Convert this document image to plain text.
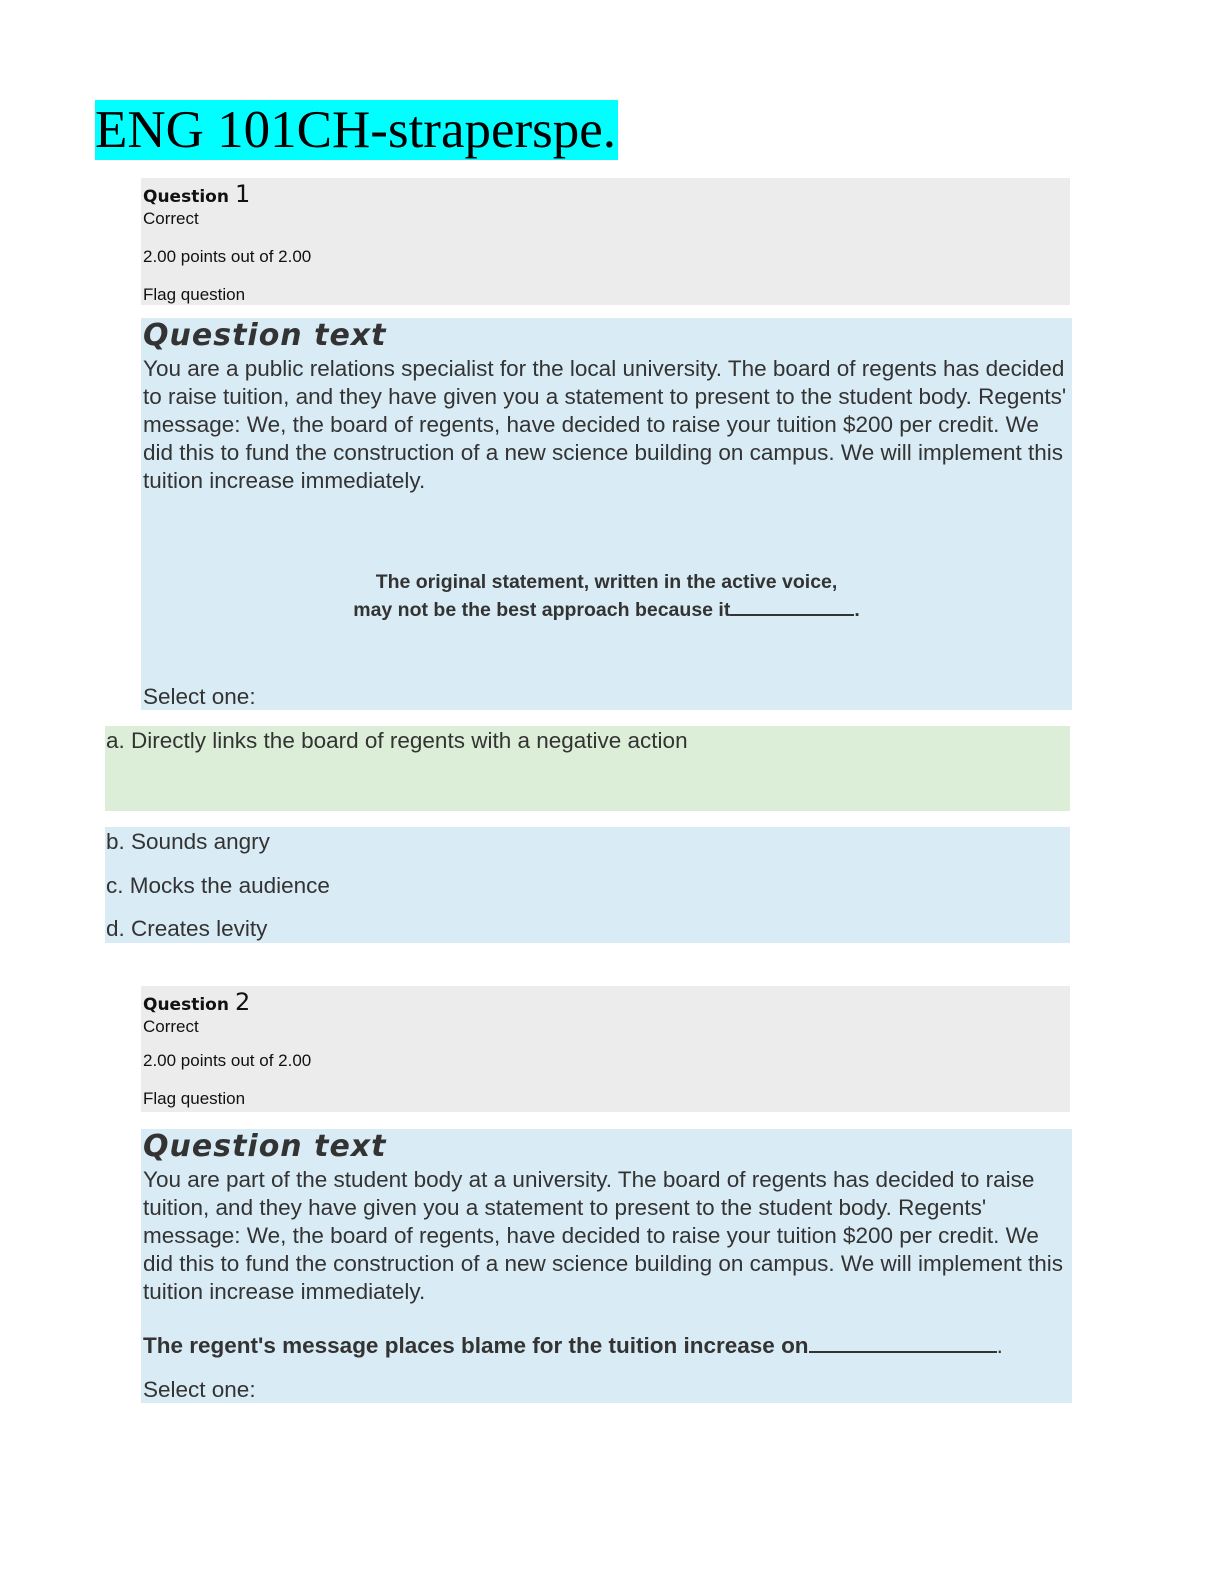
ENG 101CH-straperspe.
Question 1
Correct
2.00 points out of 2.00
Flag question
Question text
You are a public relations specialist for the local university. The board of regents has decided to raise tuition, and they have given you a statement to present to the student body. Regents' message: We, the board of regents, have decided to raise your tuition $200 per credit. We did this to fund the construction of a new science building on campus. We will implement this tuition increase immediately.
The original statement, written in the active voice,
may not be the best approach because it	.
Select one:
a. Directly links the board of regents with a negative action
b. Sounds angry
c. Mocks the audience
d. Creates levity
Question 2
Correct
2.00 points out of 2.00
Flag question
Question text
You are part of the student body at a university. The board of regents has decided to raise tuition, and they have given you a statement to present to the student body. Regents' message: We, the board of regents, have decided to raise your tuition $200 per credit. We did this to fund the construction of a new science building on campus. We will implement this tuition increase immediately.
The regent's message places blame for the tuition increase on	.
Select one:
